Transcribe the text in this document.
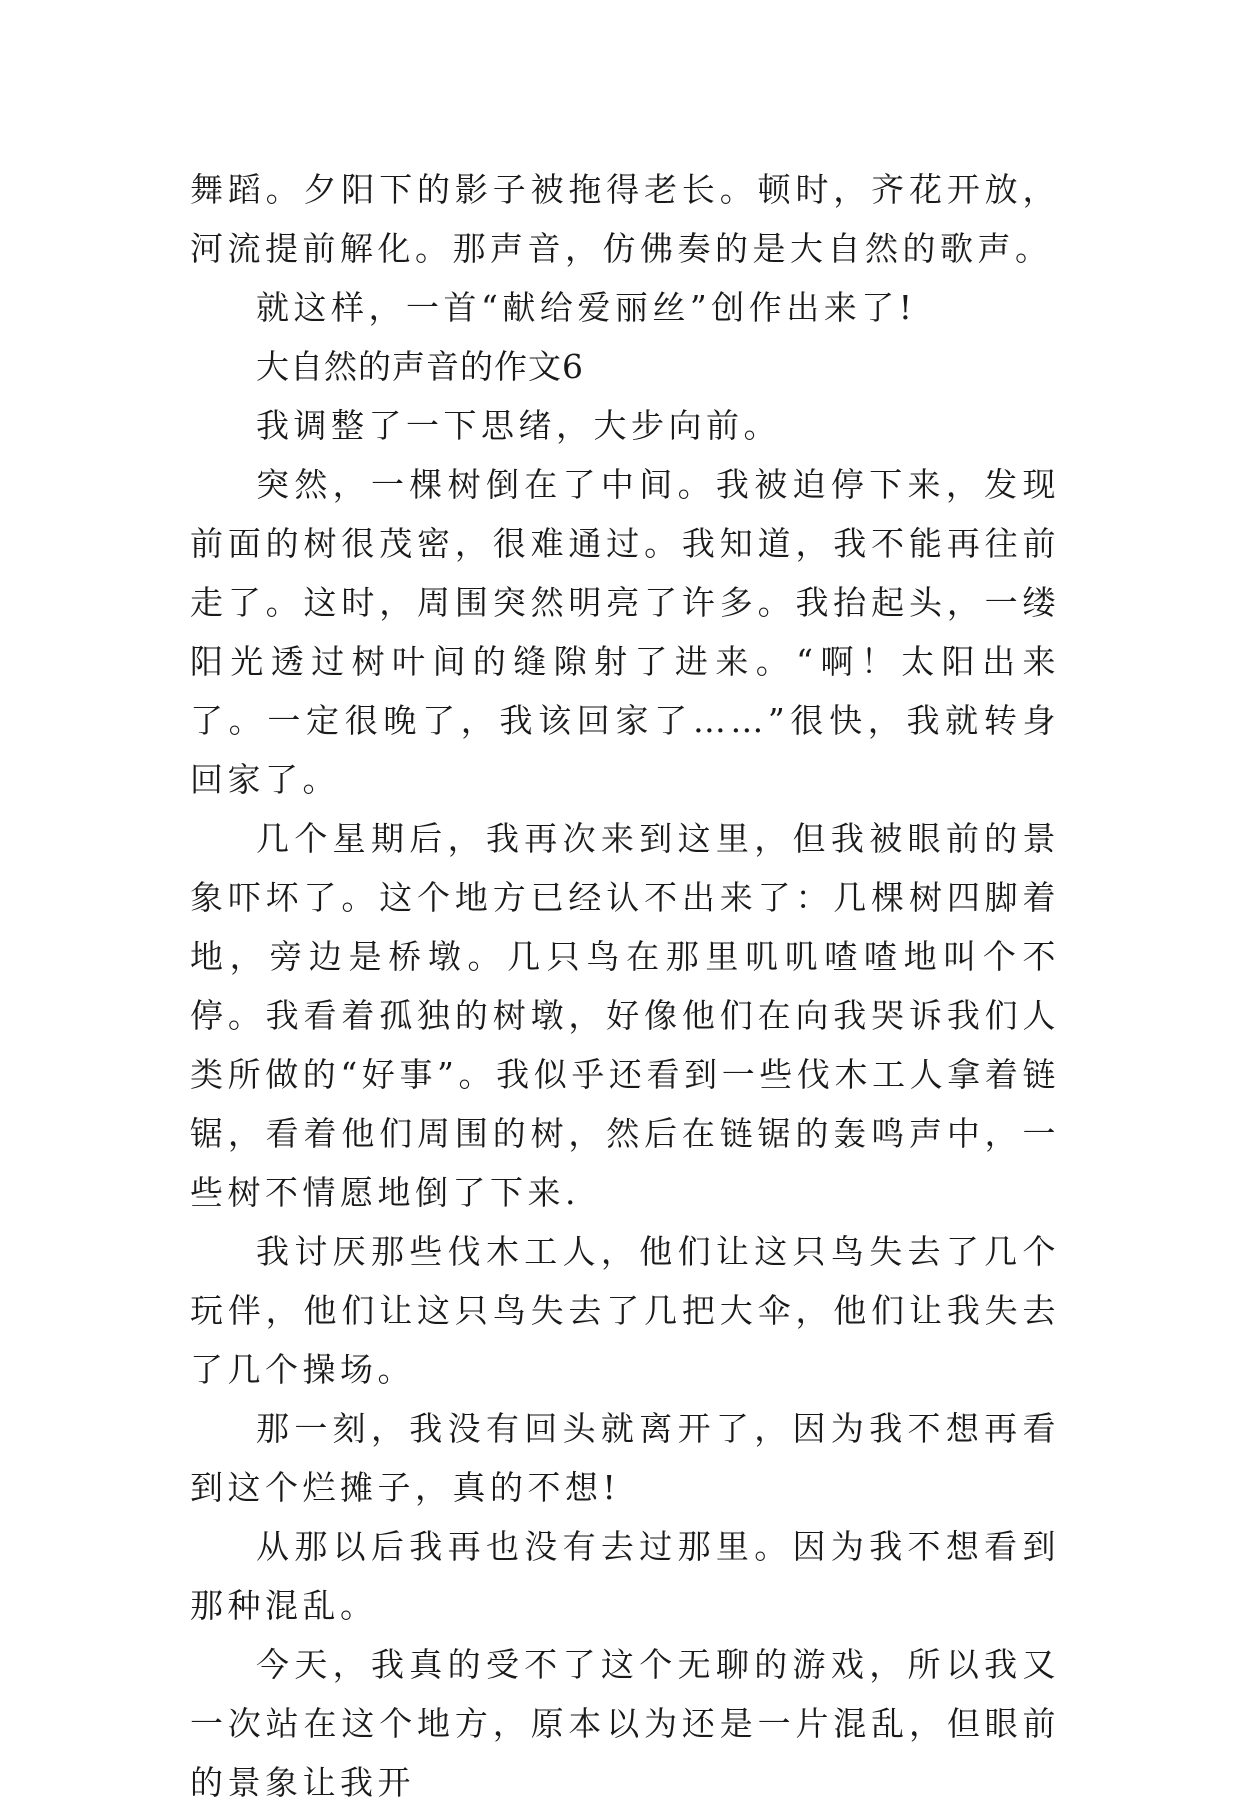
舞蹈。夕阳下的影子被拖得老长。顿时，齐花开放，河流提前解化。那声音，仿佛奏的是大自然的歌声。

就这样，一首“献给爱丽丝”创作出来了!

大自然的声音的作文6

我调整了一下思绪，大步向前。

突然，一棵树倒在了中间。我被迫停下来，发现前面的树很茂密，很难通过。我知道，我不能再往前走了。这时，周围突然明亮了许多。我抬起头，一缕阳光透过树叶间的缝隙射了进来。“啊！太阳出来了。一定很晚了，我该回家了……”很快，我就转身回家了。

几个星期后，我再次来到这里，但我被眼前的景象吓坏了。这个地方已经认不出来了：几棵树四脚着地，旁边是桥墩。几只鸟在那里叽叽喳喳地叫个不停。我看着孤独的树墩，好像他们在向我哭诉我们人类所做的“好事”。我似乎还看到一些伐木工人拿着链锯，看着他们周围的树，然后在链锯的轰鸣声中，一些树不情愿地倒了下来.

我讨厌那些伐木工人，他们让这只鸟失去了几个玩伴，他们让这只鸟失去了几把大伞，他们让我失去了几个操场。

那一刻，我没有回头就离开了，因为我不想再看到这个烂摊子，真的不想!

从那以后我再也没有去过那里。因为我不想看到那种混乱。

今天，我真的受不了这个无聊的游戏，所以我又一次站在这个地方，原本以为还是一片混乱，但眼前的景象让我开
